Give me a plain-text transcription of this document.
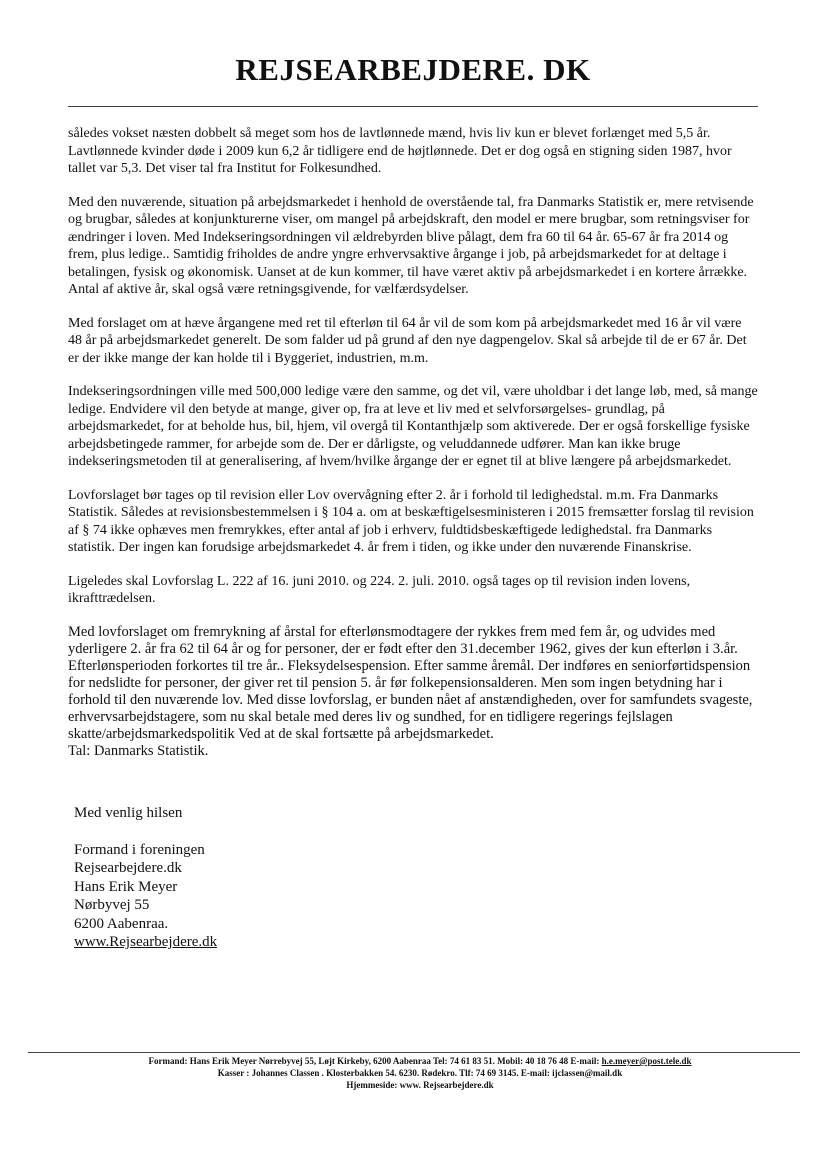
REJSEARBEJDERE. DK

således vokset næsten dobbelt så meget som hos de lavtlønnede mænd, hvis liv kun er blevet forlænget med 5,5 år. Lavtlønnede kvinder døde i 2009 kun 6,2 år tidligere end de højtlønnede. Det er dog også en stigning siden 1987, hvor tallet var 5,3. Det viser tal fra Institut for Folkesundhed.

Med den nuværende, situation på arbejdsmarkedet i henhold de overstående tal, fra Danmarks Statistik er, mere retvisende og brugbar, således at konjunkturerne viser, om mangel på arbejdskraft, den model er mere brugbar, som retningsviser for ændringer i loven. Med Indekseringsordningen vil ældrebyrden blive pålagt, dem fra 60 til 64 år. 65-67 år fra 2014 og frem, plus ledige.. Samtidig friholdes de andre yngre erhvervsaktive årgange i job, på arbejdsmarkedet for at deltage i betalingen, fysisk og økonomisk. Uanset at de kun kommer, til have været aktiv på arbejdsmarkedet i en kortere årrække. Antal af aktive år, skal også være retningsgivende, for vælfærdsydelser.

Med forslaget om at hæve årgangene med ret til efterløn til 64 år vil de som kom på arbejdsmarkedet med 16 år vil være 48 år på arbejdsmarkedet generelt. De som falder ud på grund af den nye dagpengelov. Skal så arbejde til de er 67 år. Det er der ikke mange der kan holde til i Byggeriet, industrien, m.m.

Indekseringsordningen ville med 500,000 ledige være den samme, og det vil, være uholdbar i det lange løb, med, så mange ledige. Endvidere vil den betyde at mange, giver op, fra at leve et liv med et selvforsørgelses- grundlag, på arbejdsmarkedet, for at beholde hus, bil, hjem, vil overgå til Kontanthjælp som aktiverede. Der er også forskellige fysiske arbejdsbetingede rammer, for arbejde som de. Der er dårligste, og veluddannede udfører. Man kan ikke bruge indekseringsmetoden til at generalisering, af hvem/hvilke årgange der er egnet til at blive længere på arbejdsmarkedet.

Lovforslaget bør tages op til revision eller Lov overvågning efter 2. år i forhold til ledighedstal. m.m. Fra Danmarks Statistik. Således at revisionsbestemmelsen i § 104 a. om at beskæftigelsesministeren i 2015 fremsætter forslag til revision af § 74 ikke ophæves men fremrykkes, efter antal af job i erhverv, fuldtidsbeskæftigede ledighedstal. fra Danmarks statistik. Der ingen kan forudsige arbejdsmarkedet 4. år frem i tiden, og ikke under den nuværende Finanskrise.

Ligeledes skal Lovforslag L. 222 af 16. juni 2010. og 224. 2. juli. 2010. også tages op til revision inden lovens, ikrafttrædelsen.

Med lovforslaget om fremrykning af årstal for efterlønsmodtagere der rykkes frem med fem år, og udvides med yderligere 2. år fra 62 til 64 år og for personer, der er født efter den 31.december 1962, gives der kun efterløn i 3.år.

Efterlønsperioden forkortes til tre år.. Fleksydelsespension. Efter samme åremål. Der indføres en seniorførtidspension for nedslidte for personer, der giver ret til pension 5. år før folkepensionsalderen. Men som ingen betydning har i forhold til den nuværende lov. Med disse lovforslag, er bunden nået af anstændigheden, over for samfundets svageste, erhvervsarbejdstagere, som nu skal betale med deres liv og sundhed, for en tidligere regerings fejlslagen skatte/arbejdsmarkedspolitik Ved at de skal fortsætte på arbejdsmarkedet.

Tal: Danmarks Statistik.

Med venlig hilsen
Formand i foreningen
Rejsearbejdere.dk
Hans Erik Meyer
Nørbyvej 55
6200 Aabenraa.
www.Rejsearbejdere.dk
Formand: Hans Erik Meyer Nørrebyvej 55, Løjt Kirkeby, 6200 Aabenraa Tel: 74 61 83 51. Mobil: 40 18 76 48 E-mail: h.e.meyer@post.tele.dk
Kasser : Johannes Classen . Klosterbakken 54. 6230. Rødekro. Tlf: 74 69 3145. E-mail: ijclassen@mail.dk
Hjemmeside: www. Rejsearbejdere.dk
